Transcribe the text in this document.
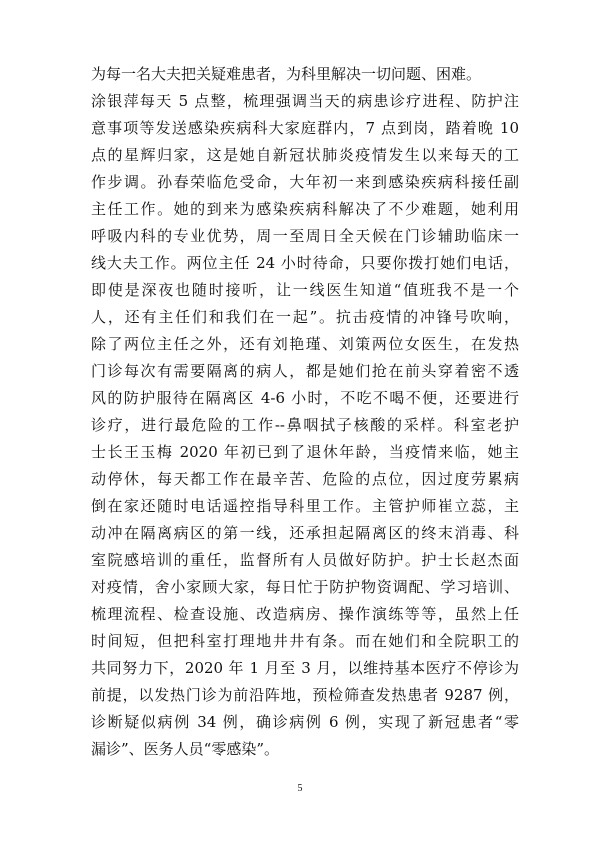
为每一名大夫把关疑难患者，为科里解决一切问题、困难。
涂银萍每天 5 点整，梳理强调当天的病患诊疗进程、防护注
意事项等发送感染疾病科大家庭群内，7 点到岗，踏着晚 10
点的星辉归家，这是她自新冠状肺炎疫情发生以来每天的工
作步调。孙春荣临危受命，大年初一来到感染疾病科接任副
主任工作。她的到来为感染疾病科解决了不少难题，她利用
呼吸内科的专业优势，周一至周日全天候在门诊辅助临床一
线大夫工作。两位主任 24 小时待命，只要你拨打她们电话，
即使是深夜也随时接听，让一线医生知道“值班我不是一个
人，还有主任们和我们在一起”。抗击疫情的冲锋号吹响，
除了两位主任之外，还有刘艳瑾、刘策两位女医生，在发热
门诊每次有需要隔离的病人，都是她们抢在前头穿着密不透
风的防护服待在隔离区 4-6 小时，不吃不喝不便，还要进行
诊疗，进行最危险的工作--鼻咽拭子核酸的采样。科室老护
士长王玉梅 2020 年初已到了退休年龄，当疫情来临，她主
动停休，每天都工作在最辛苦、危险的点位，因过度劳累病
倒在家还随时电话遥控指导科里工作。主管护师崔立蕊，主
动冲在隔离病区的第一线，还承担起隔离区的终末消毒、科
室院感培训的重任，监督所有人员做好防护。护士长赵杰面
对疫情，舍小家顾大家，每日忙于防护物资调配、学习培训、
梳理流程、检查设施、改造病房、操作演练等等，虽然上任
时间短，但把科室打理地井井有条。而在她们和全院职工的
共同努力下，2020 年 1 月至 3 月，以维持基本医疗不停诊为
前提，以发热门诊为前沿阵地，预检筛查发热患者 9287 例，
诊断疑似病例 34 例，确诊病例 6 例，实现了新冠患者“零
漏诊”、医务人员“零感染”。
5
